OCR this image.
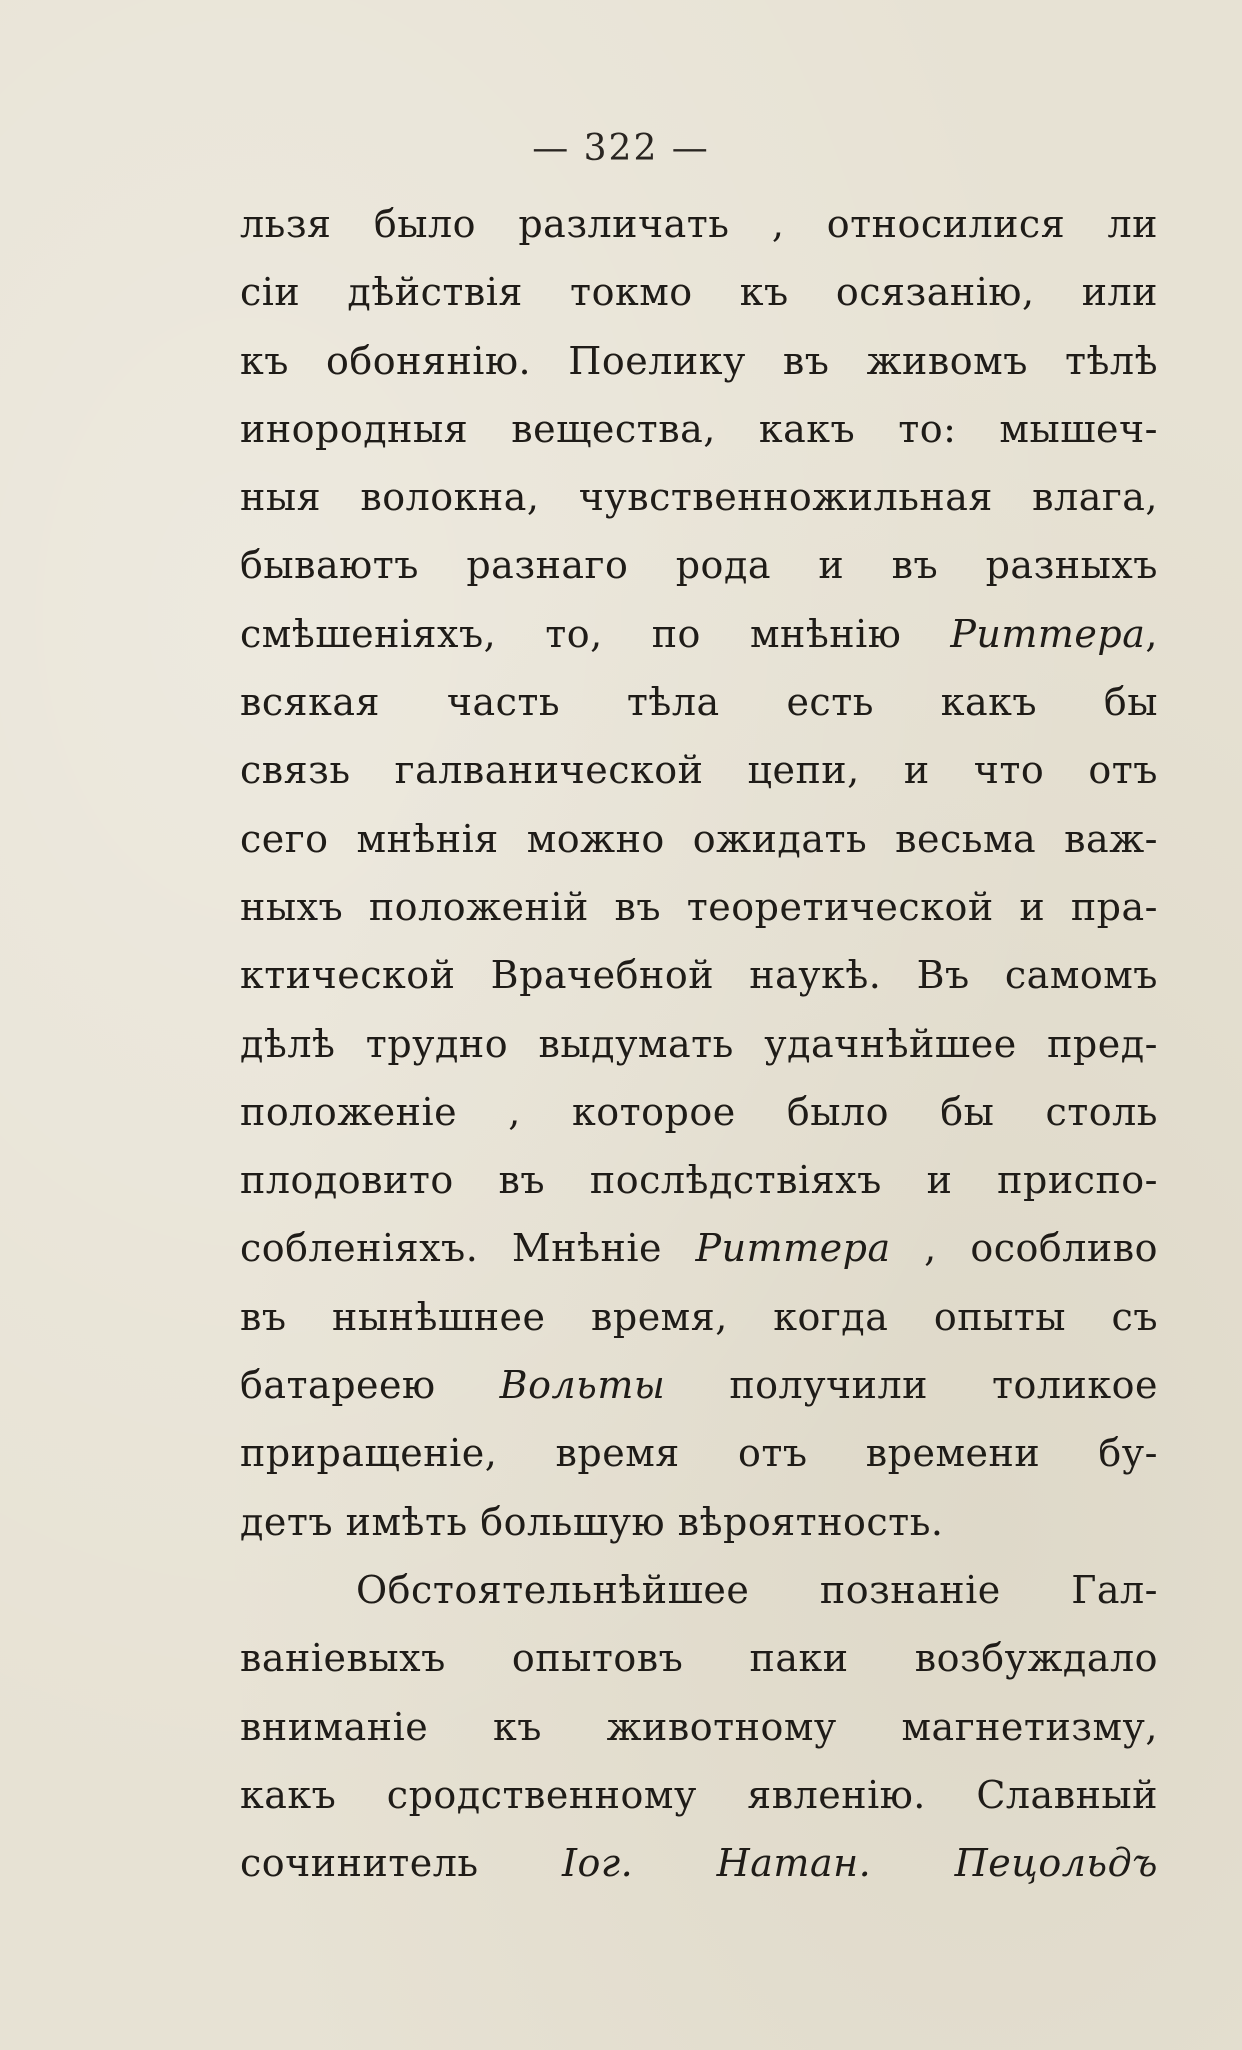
— 322 —
льзя было различать , относилися ли
сіи дѣйствія токмо къ осязанію, или
къ обонянію. Поелику въ живомъ тѣлѣ
инородныя вещества, какъ то: мышеч-
ныя волокна, чувственножильная влага,
бываютъ разнаго рода и въ разныхъ
смѣшеніяхъ, то, по мнѣнію Риттера,
всякая часть тѣла есть какъ бы
связь галванической цепи, и что отъ
сего мнѣнія можно ожидать весьма важ-
ныхъ положеній въ теоретической и пра-
ктической Врачебной наукѣ. Въ самомъ
дѣлѣ трудно выдумать удачнѣйшее пред-
положеніе , которое было бы столь
плодовито въ послѣдствіяхъ и приспо-
собленіяхъ. Мнѣніе Риттера , особливо
въ нынѣшнее время, когда опыты съ
батареею Вольты получили толикое
приращеніе, время отъ времени бу-
детъ имѣть большую вѣроятность.
Обстоятельнѣйшее познаніе Гал-
ваніевыхъ опытовъ паки возбуждало
вниманіе къ животному магнетизму,
какъ сродственному явленію. Славный
сочинитель Іог. Натан. Пецольдъ
